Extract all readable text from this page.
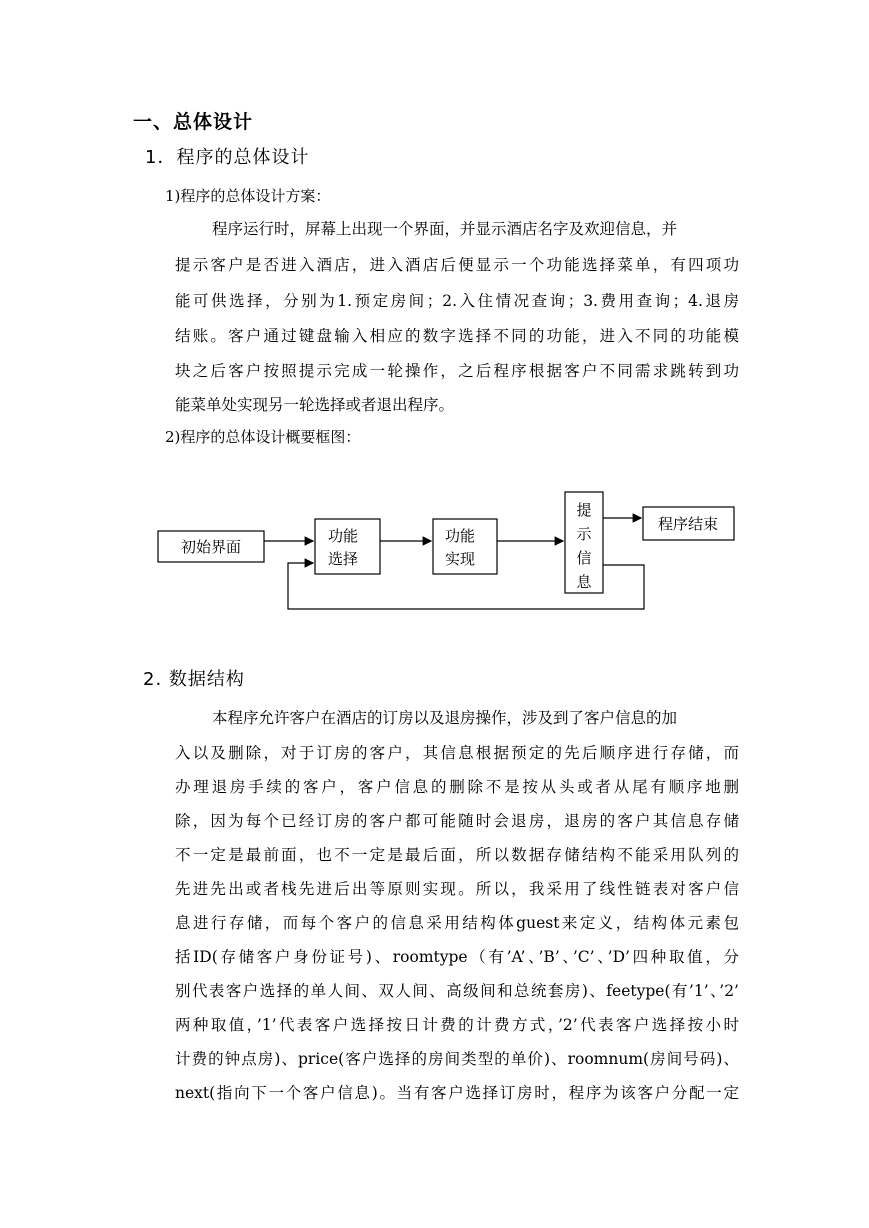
一、总体设计
1．程序的总体设计
1)程序的总体设计方案：
程序运行时，屏幕上出现一个界面，并显示酒店名字及欢迎信息，并
提示客户是否进入酒店，进入酒店后便显示一个功能选择菜单，有四项功
能可供选择，分别为1.预定房间；2.入住情况查询；3.费用查询；4.退房
结账。客户通过键盘输入相应的数字选择不同的功能，进入不同的功能模
块之后客户按照提示完成一轮操作，之后程序根据客户不同需求跳转到功
能菜单处实现另一轮选择或者退出程序。
2)程序的总体设计概要框图：
初始界面
功能
选择
功能
实现
提
示
信
息
程序结束
2. 数据结构
本程序允许客户在酒店的订房以及退房操作，涉及到了客户信息的加
入以及删除，对于订房的客户，其信息根据预定的先后顺序进行存储，而
办理退房手续的客户，客户信息的删除不是按从头或者从尾有顺序地删
除，因为每个已经订房的客户都可能随时会退房，退房的客户其信息存储
不一定是最前面，也不一定是最后面，所以数据存储结构不能采用队列的
先进先出或者栈先进后出等原则实现。所以，我采用了线性链表对客户信
息进行存储，而每个客户的信息采用结构体guest来定义，结构体元素包
括ID(存储客户身份证号)、roomtype（有’A’、’B’、’C’、’D’四种取值，分
别代表客户选择的单人间、双人间、高级间和总统套房)、feetype(有’1’、’2’
两种取值，’1’代表客户选择按日计费的计费方式，’2’代表客户选择按小时
计费的钟点房)、price(客户选择的房间类型的单价)、roomnum(房间号码)、
next(指向下一个客户信息)。当有客户选择订房时，程序为该客户分配一定
